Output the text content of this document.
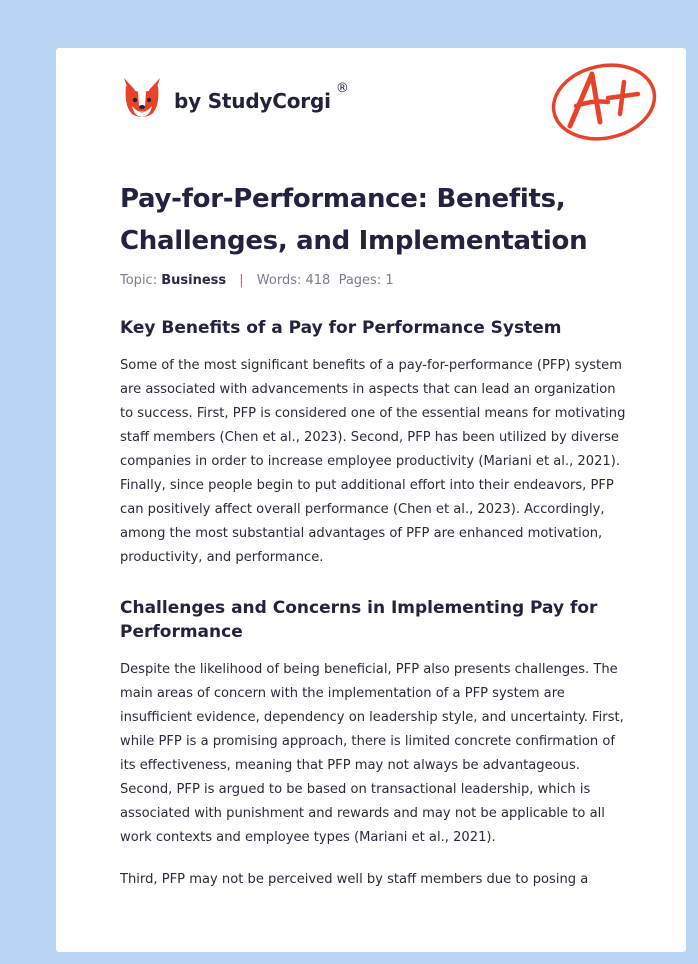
by StudyCorgi
®
A+
Pay-for-Performance: Benefits, Challenges, and Implementation
Topic: Business | Words: 418 Pages: 1
Key Benefits of a Pay for Performance System

Some of the most significant benefits of a pay-for-performance (PFP) system are associated with advancements in aspects that can lead an organization to success. First, PFP is considered one of the essential means for motivating staff members (Chen et al., 2023). Second, PFP has been utilized by diverse companies in order to increase employee productivity (Mariani et al., 2021). Finally, since people begin to put additional effort into their endeavors, PFP can positively affect overall performance (Chen et al., 2023). Accordingly, among the most substantial advantages of PFP are enhanced motivation, productivity, and performance.

Challenges and Concerns in Implementing Pay for Performance

Despite the likelihood of being beneficial, PFP also presents challenges. The main areas of concern with the implementation of a PFP system are insufficient evidence, dependency on leadership style, and uncertainty. First, while PFP is a promising approach, there is limited concrete confirmation of its effectiveness, meaning that PFP may not always be advantageous. Second, PFP is argued to be based on transactional leadership, which is associated with punishment and rewards and may not be applicable to all work contexts and employee types (Mariani et al., 2021).

Third, PFP may not be perceived well by staff members due to posing a
